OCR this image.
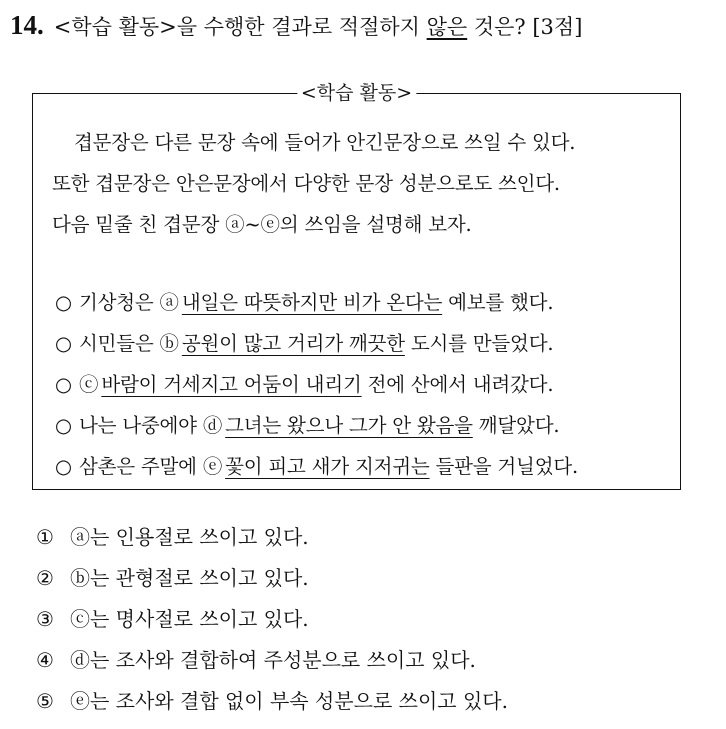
14. <학습 활동>을 수행한 결과로 적절하지 않은 것은? [3점]
<학습 활동>

겹문장은 다른 문장 속에 들어가 안긴문장으로 쓰일 수 있다.

또한 겹문장은 안은문장에서 다양한 문장 성분으로도 쓰인다.

다음 밑줄 친 겹문장 ⓐ~ⓔ의 쓰임을 설명해 보자.

○ 기상청은 ⓐ 내일은 따뜻하지만 비가 온다는 예보를 했다.
○ 시민들은 ⓑ 공원이 많고 거리가 깨끗한 도시를 만들었다.
○ ⓒ 바람이 거세지고 어둠이 내리기 전에 산에서 내려갔다.
○ 나는 나중에야 ⓓ 그녀는 왔으나 그가 안 왔음을 깨달았다.
○ 삼촌은 주말에 ⓔ 꽃이 피고 새가 지저귀는 들판을 거닐었다.
① ⓐ는 인용절로 쓰이고 있다.
② ⓑ는 관형절로 쓰이고 있다.
③ ⓒ는 명사절로 쓰이고 있다.
④ ⓓ는 조사와 결합하여 주성분으로 쓰이고 있다.
⑤ ⓔ는 조사와 결합 없이 부속 성분으로 쓰이고 있다.
